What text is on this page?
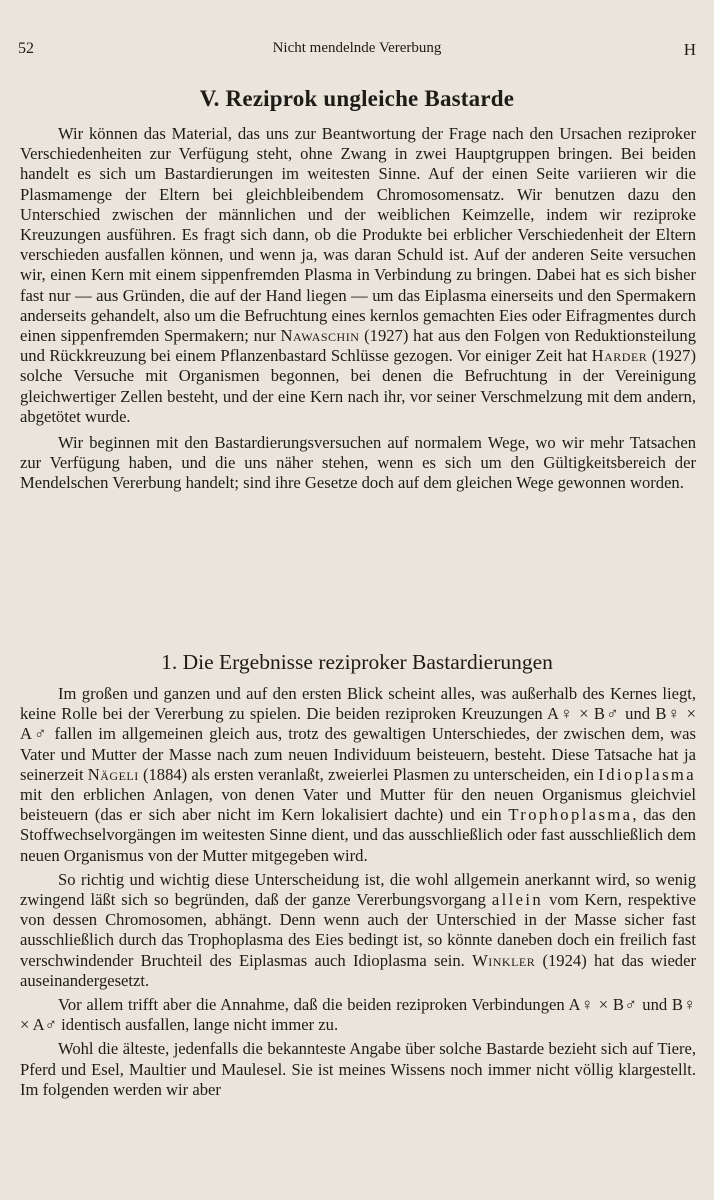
52	Nicht mendelnde Vererbung	H
V. Reziprok ungleiche Bastarde

Wir können das Material, das uns zur Beantwortung der Frage nach den Ursachen reziproker Verschiedenheiten zur Verfügung steht, ohne Zwang in zwei Hauptgruppen bringen. Bei beiden handelt es sich um Bastardierungen im weitesten Sinne. Auf der einen Seite variieren wir die Plasmamenge der Eltern bei gleichbleibendem Chromosomensatz. Wir benutzen dazu den Unterschied zwischen der männlichen und der weiblichen Keimzelle, indem wir reziproke Kreuzungen ausführen. Es fragt sich dann, ob die Produkte bei erblicher Verschiedenheit der Eltern verschieden ausfallen können, und wenn ja, was daran Schuld ist. Auf der anderen Seite versuchen wir, einen Kern mit einem sippenfremden Plasma in Verbindung zu bringen. Dabei hat es sich bisher fast nur — aus Gründen, die auf der Hand liegen — um das Eiplasma einerseits und den Spermakern anderseits gehandelt, also um die Befruchtung eines kernlos gemachten Eies oder Eifragmentes durch einen sippenfremden Spermakern; nur Nawaschin (1927) hat aus den Folgen von Reduktionsteilung und Rückkreuzung bei einem Pflanzenbastard Schlüsse gezogen. Vor einiger Zeit hat Harder (1927) solche Versuche mit Organismen begonnen, bei denen die Befruchtung in der Vereinigung gleichwertiger Zellen besteht, und der eine Kern nach ihr, vor seiner Verschmelzung mit dem andern, abgetötet wurde.

Wir beginnen mit den Bastardierungsversuchen auf normalem Wege, wo wir mehr Tatsachen zur Verfügung haben, und die uns näher stehen, wenn es sich um den Gültigkeitsbereich der Mendelschen Vererbung handelt; sind ihre Gesetze doch auf dem gleichen Wege gewonnen worden.

1. Die Ergebnisse reziproker Bastardierungen

Im großen und ganzen und auf den ersten Blick scheint alles, was außerhalb des Kernes liegt, keine Rolle bei der Vererbung zu spielen. Die beiden reziproken Kreuzungen A♀ × B♂ und B♀ × A♂ fallen im allgemeinen gleich aus, trotz des gewaltigen Unterschiedes, der zwischen dem, was Vater und Mutter der Masse nach zum neuen Individuum beisteuern, besteht. Diese Tatsache hat ja seinerzeit Nägeli (1884) als ersten veranlaßt, zweierlei Plasmen zu unterscheiden, ein Idioplasma mit den erblichen Anlagen, von denen Vater und Mutter für den neuen Organismus gleichviel beisteuern (das er sich aber nicht im Kern lokalisiert dachte) und ein Trophoplasma, das den Stoffwechselvorgängen im weitesten Sinne dient, und das ausschließlich oder fast ausschließlich dem neuen Organismus von der Mutter mitgegeben wird.

So richtig und wichtig diese Unterscheidung ist, die wohl allgemein anerkannt wird, so wenig zwingend läßt sich so begründen, daß der ganze Vererbungsvorgang allein vom Kern, respektive von dessen Chromosomen, abhängt. Denn wenn auch der Unterschied in der Masse sicher fast ausschließlich durch das Trophoplasma des Eies bedingt ist, so könnte daneben doch ein freilich fast verschwindender Bruchteil des Eiplasmas auch Idioplasma sein. Winkler (1924) hat das wieder auseinandergesetzt.

Vor allem trifft aber die Annahme, daß die beiden reziproken Verbindungen A♀ × B♂ und B♀ × A♂ identisch ausfallen, lange nicht immer zu.

Wohl die älteste, jedenfalls die bekannteste Angabe über solche Bastarde bezieht sich auf Tiere, Pferd und Esel, Maultier und Maulesel. Sie ist meines Wissens noch immer nicht völlig klargestellt. Im folgenden werden wir aber
